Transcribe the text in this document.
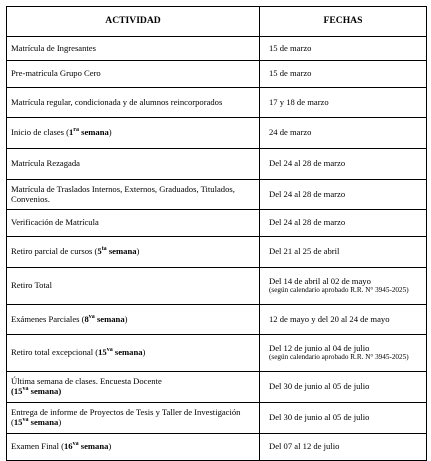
ACTIVIDAD	FECHAS
Matrícula de Ingresantes	15 de marzo
Pre-matrícula Grupo Cero	15 de marzo
Matrícula regular, condicionada y de alumnos reincorporados	17 y 18 de marzo
Inicio de clases ($1^{ra}$ semana)	24 de marzo
Matrícula Rezagada	Del 24 al 28 de marzo
Matrícula de Traslados Internos, Externos, Graduados, Titulados, Convenios.	Del 24 al 28 de marzo
Verificación de Matrícula	Del 24 al 28 de marzo
Retiro parcial de cursos ($5^{ta}$ semana)	Del 21 al 25 de abril
Retiro Total	Del 14 de abril al 02 de mayo
(según calendario aprobado R.R. N° 3945-2025)

Exámenes Parciales ($8^{va}$ semana)	12 de mayo y del 20 al 24 de mayo
Retiro total excepcional ($15^{va}$ semana)	Del 12 de junio al 04 de julio
(según calendario aprobado R.R. N° 3945-2025)

Última semana de clases. Encuesta Docente
($15^{va}$ semana)	Del 30 de junio al 05 de julio
Entrega de informe de Proyectos de Tesis y Taller de Investigación ($15^{va}$ semana)	Del 30 de junio al 05 de julio
Examen Final ($16^{va}$ semana)	Del 07 al 12 de julio
